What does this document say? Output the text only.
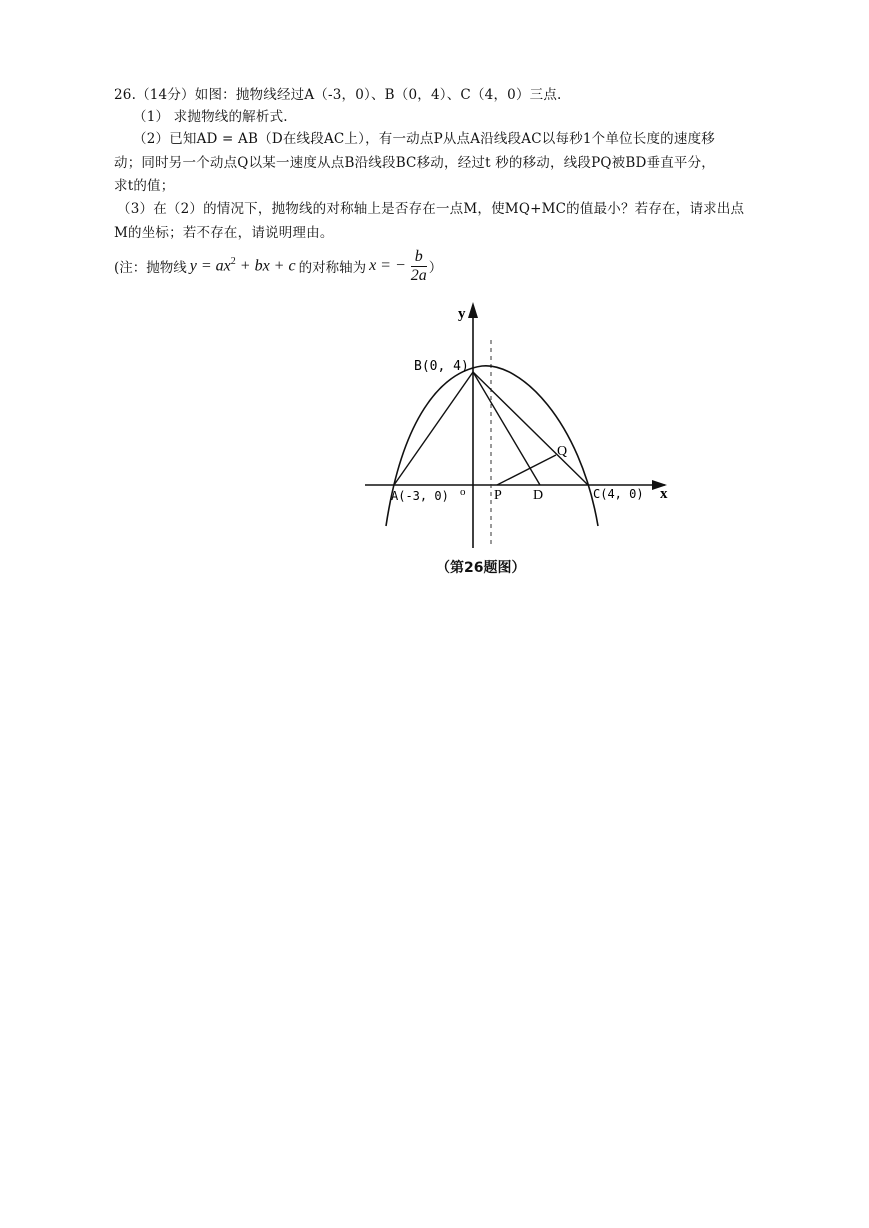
26.（14分）如图：抛物线经过A（-3，0）、B（0，4）、C（4，0）三点.
（1） 求抛物线的解析式.
（2）已知AD = AB（D在线段AC上），有一动点P从点A沿线段AC以每秒1个单位长度的速度移
动；同时另一个动点Q以某一速度从点B沿线段BC移动，经过t 秒的移动，线段PQ被BD垂直平分，
求t的值；
（3）在（2）的情况下，抛物线的对称轴上是否存在一点M，使MQ+MC的值最小？若存在，请求出点
M的坐标；若不存在，请说明理由。
(注：抛物线 $y = ax^2$ + bx + c 的对称轴为 x = − $\frac{b}{2a}$ ）
y
x
o
B(0, 4)
A(-3, 0)	C(4, 0)
P D
Q
（第26题图）
